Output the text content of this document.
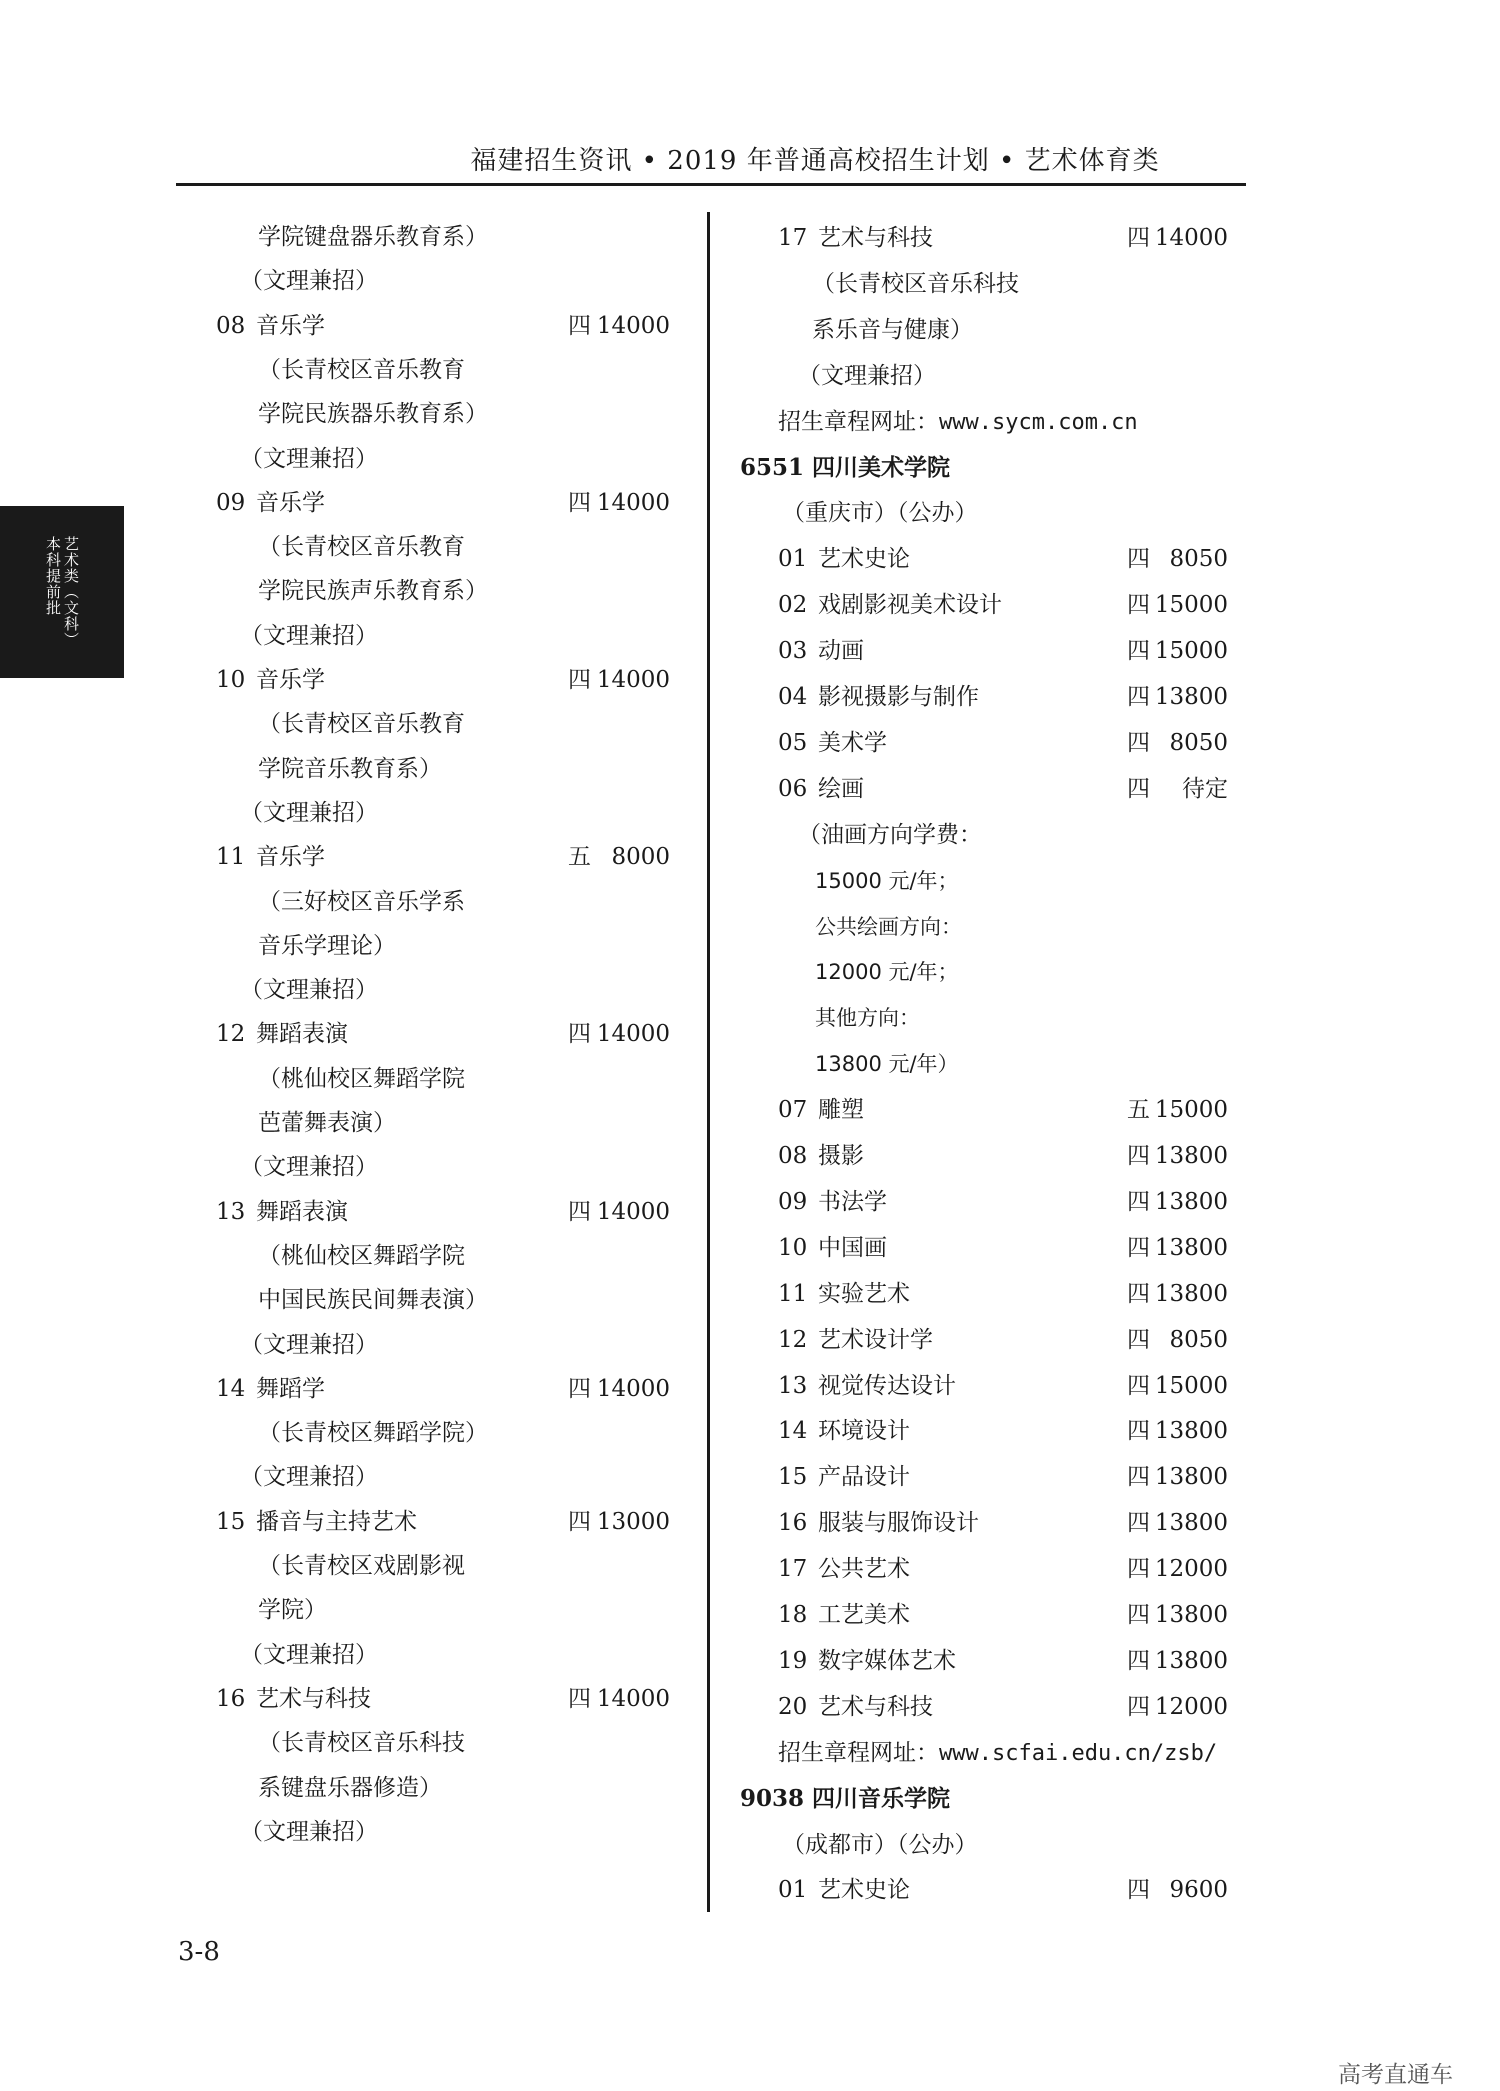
福建招生资讯 • 2019 年普通高校招生计划 • 艺术体育类
艺术类（文科）
本科提前批
学院键盘器乐教育系）
（文理兼招）
08 音乐学	四 14000
（长青校区音乐教育
学院民族器乐教育系）
（文理兼招）
09 音乐学	四 14000
（长青校区音乐教育
学院民族声乐教育系）
（文理兼招）
10 音乐学	四 14000
（长青校区音乐教育
学院音乐教育系）
（文理兼招）
11 音乐学	五 8000
（三好校区音乐学系
音乐学理论）
（文理兼招）
12 舞蹈表演	四 14000
（桃仙校区舞蹈学院
芭蕾舞表演）
（文理兼招）
13 舞蹈表演	四 14000
（桃仙校区舞蹈学院
中国民族民间舞表演）
（文理兼招）
14 舞蹈学	四 14000
（长青校区舞蹈学院）
（文理兼招）
15 播音与主持艺术	四 13000
（长青校区戏剧影视
学院）
（文理兼招）
16 艺术与科技	四 14000
（长青校区音乐科技
系键盘乐器修造）
（文理兼招）
17 艺术与科技	四 14000
（长青校区音乐科技
系乐音与健康）
（文理兼招）
招生章程网址：www.sycm.com.cn
6551 四川美术学院
（重庆市）（公办）
01 艺术史论	四 8050
02 戏剧影视美术设计	四 15000
03 动画	四 15000
04 影视摄影与制作	四 13800
05 美术学	四 8050
06 绘画	四	待定
（油画方向学费：
15000 元/年；
公共绘画方向：
12000 元/年；
其他方向：
13800 元/年）
07 雕塑	五 15000
08 摄影	四 13800
09 书法学	四 13800
10 中国画	四 13800
11 实验艺术	四 13800
12 艺术设计学	四 8050
13 视觉传达设计	四 15000
14 环境设计	四 13800
15 产品设计	四 13800
16 服装与服饰设计	四 13800
17 公共艺术	四 12000
18 工艺美术	四 13800
19 数字媒体艺术	四 13800
20 艺术与科技	四 12000
招生章程网址：www.scfai.edu.cn/zsb/
9038 四川音乐学院
（成都市）（公办）
01 艺术史论	四 9600
3-8
高考直通车
